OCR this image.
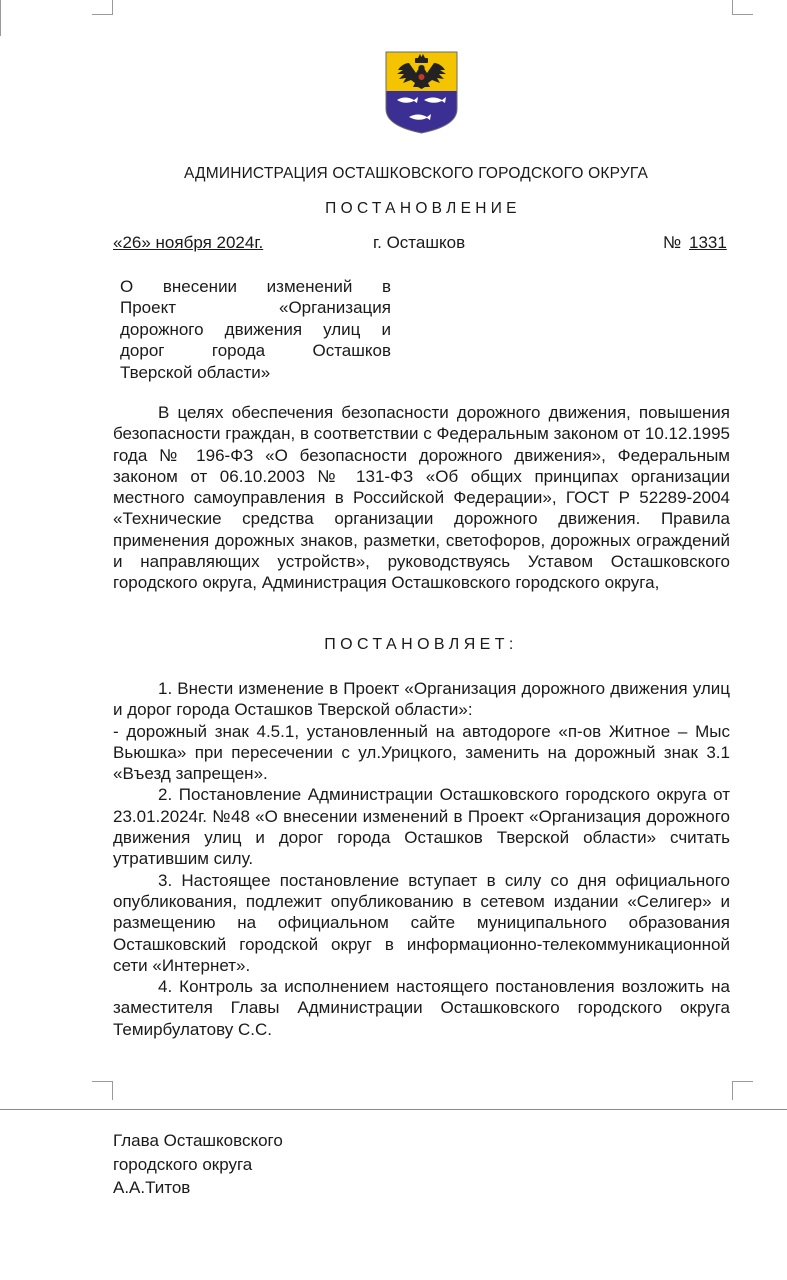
АДМИНИСТРАЦИЯ ОСТАШКОВСКОГО ГОРОДСКОГО ОКРУГА
ПОСТАНОВЛЕНИЕ
«26» ноября 2024г.	г. Осташков	№ 1331
О внесении изменений в
Проект «Организация
дорожного движения улиц и
дорог города Осташков
Тверской области»

В целях обеспечения безопасности дорожного движения, повышения безопасности граждан, в соответствии с Федеральным законом от 10.12.1995 года № 196-ФЗ «О безопасности дорожного движения», Федеральным законом от 06.10.2003 № 131-ФЗ «Об общих принципах организации местного самоуправления в Российской Федерации», ГОСТ Р 52289-2004 «Технические средства организации дорожного движения. Правила применения дорожных знаков, разметки, светофоров, дорожных ограждений и направляющих устройств», руководствуясь Уставом Осташковского городского округа, Администрация Осташковского городского округа,

ПОСТАНОВЛЯЕТ:

1. Внести изменение в Проект «Организация дорожного движения улиц и дорог города Осташков Тверской области»:

- дорожный знак 4.5.1, установленный на автодороге «п-ов Житное – Мыс Вьюшка» при пересечении с ул.Урицкого, заменить на дорожный знак 3.1 «Въезд запрещен».

2. Постановление Администрации Осташковского городского округа от 23.01.2024г. №48 «О внесении изменений в Проект «Организация дорожного движения улиц и дорог города Осташков Тверской области» считать утратившим силу.

3. Настоящее постановление вступает в силу со дня официального опубликования, подлежит опубликованию в сетевом издании «Селигер» и размещению на официальном сайте муниципального образования Осташковский городской округ в информационно-телекоммуникационной сети «Интернет».

4. Контроль за исполнением настоящего постановления возложить на заместителя Главы Администрации Осташковского городского округа Темирбулатову С.С.

Глава Осташковского
городского округа
А.А.Титов
